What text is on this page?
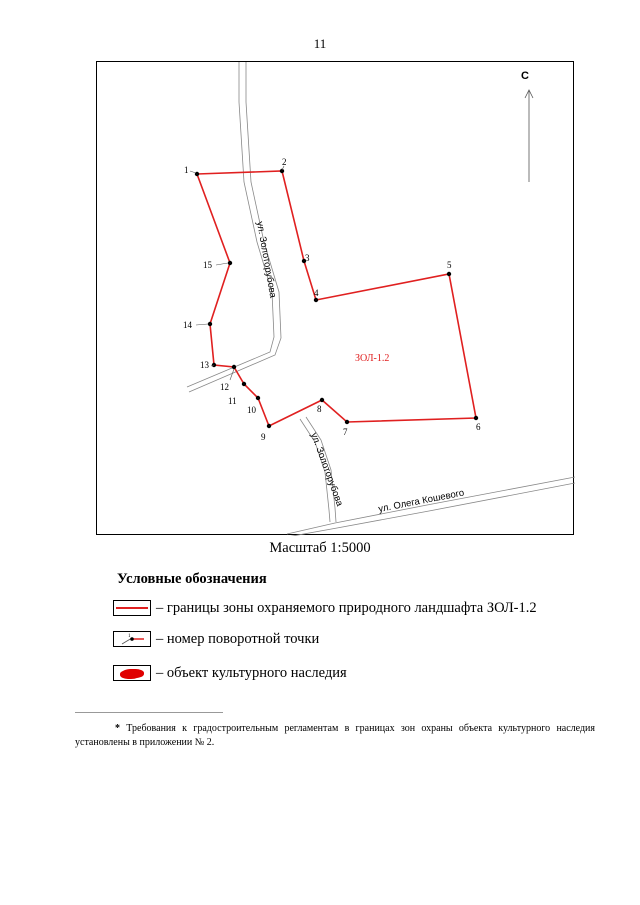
11
ул. Золоторубова
ул. Золоторубова	ул. Олега Кошевого
С
1
2
3
4
5
6
7
8
9
10
11
12
13
14
15
ЗОЛ-1.2
Масштаб 1:5000
Условные обозначения
– границы зоны охраняемого природного ландшафта ЗОЛ-1.2
1 – номер поворотной точки
– объект культурного наследия
* Требования к градостроительным регламентам в границах зон охраны объекта культурного наследия установлены в приложении № 2.
